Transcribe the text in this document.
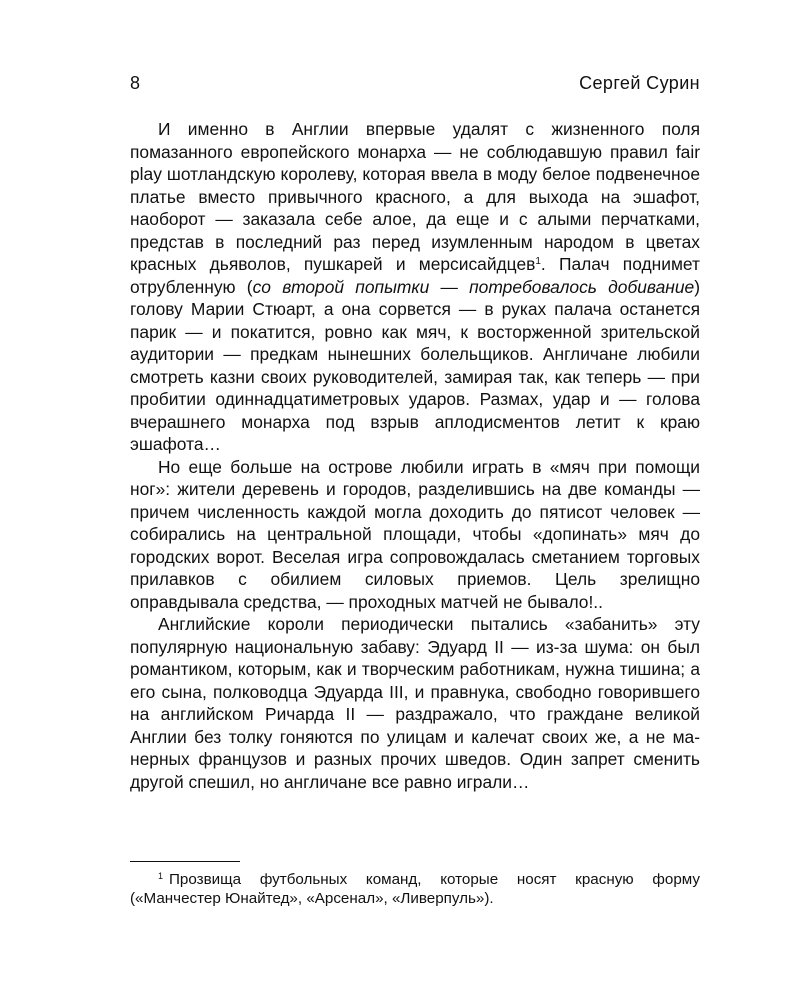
8	Сергей Сурин

И именно в Англии впервые удалят с жизненного поля помазанного европейского монарха — не соблюдавшую правил fair play шотландскую королеву, которая ввела в моду белое подвенечное платье вместо привычного красного, а для выхода на эшафот, наоборот — заказала себе алое, да еще и с алыми перчатками, представ в последний раз перед изумленным народом в цветах красных дьяволов, пушкарей и мерсисайдцев$^1$. Палач поднимет отрубленную (со второй попытки — потребовалось добивание) голову Марии Стюарт, а она сорвется — в руках палача останется парик — и покатится, ровно как мяч, к восторженной зрительской аудитории — предкам нынешних болельщиков. Англичане любили смотреть казни своих руководителей, замирая так, как теперь — при пробитии одиннадцатиметровых ударов. Размах, удар и — голова вчерашнего монарха под взрыв аплодисментов летит к краю эшафота…

Но еще больше на острове любили играть в «мяч при помощи ног»: жители деревень и городов, разделившись на две команды — причем численность каждой могла доходить до пятисот человек — собирались на центральной площади, чтобы «допинать» мяч до городских ворот. Веселая игра сопровождалась сметанием торговых прилавков с обилием силовых приемов. Цель зрелищно оправдывала средства, — проходных матчей не бывало!..

Английские короли периодически пытались «забанить» эту популярную национальную забаву: Эдуард II — из-за шума: он был романтиком, которым, как и творческим работникам, нужна тишина; а его сына, полководца Эдуарда III, и правнука, свободно говорившего на английском Ричарда II — раздражало, что граждане великой Англии без толку гоняются по улицам и калечат своих же, а не манерных французов и разных прочих шведов. Один запрет сменить другой спешил, но англичане все равно играли…

$^1$ Прозвища футбольных команд, которые носят красную форму («Манчестер Юнайтед», «Арсенал», «Ливерпуль»).
